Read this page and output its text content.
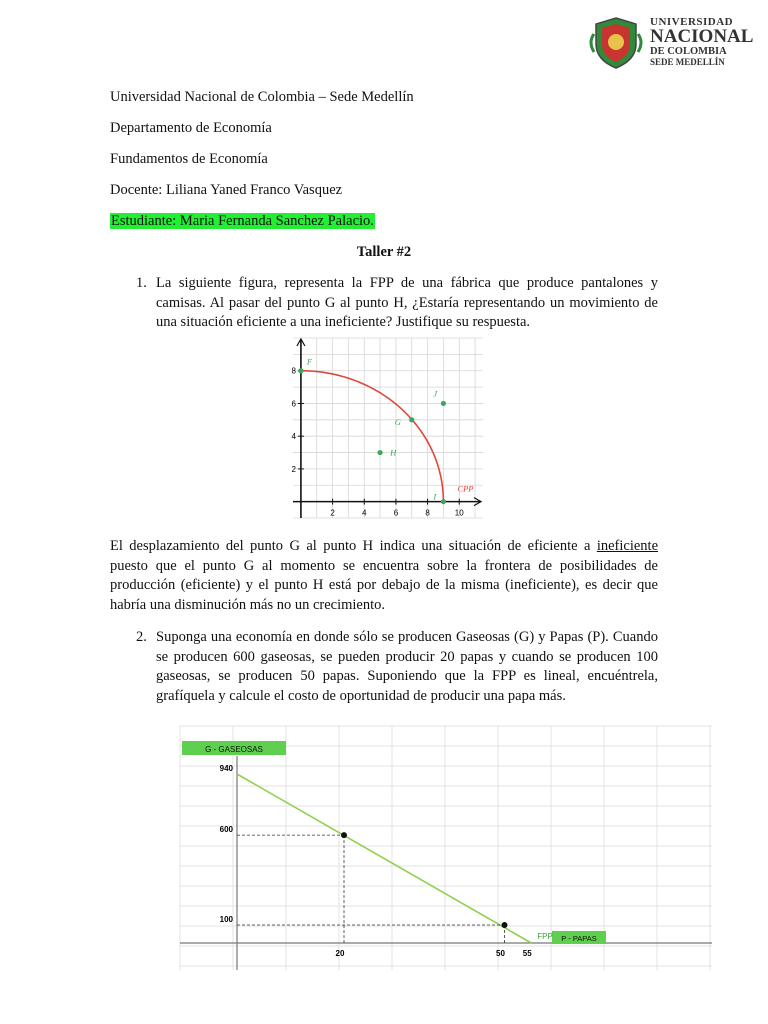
UNIVERSIDAD
NACIONAL
DE COLOMBIA
SEDE MEDELLÍN
Universidad Nacional de Colombia – Sede Medellín
Departamento de Economía
Fundamentos de Economía
Docente: Liliana Yaned Franco Vasquez
Estudiante: Maria Fernanda Sanchez Palacio.
Taller #2
1. La siguiente figura, representa la FPP de una fábrica que produce pantalones y camisas. Al pasar del punto G al punto H, ¿Estaría representando un movimiento de una situación eficiente a una ineficiente? Justifique su respuesta.
2	4	6	8	10
2
4
6
8
CPP
F
G
H
J
I
El desplazamiento del punto G al punto H indica una situación de eficiente a ineficiente puesto que el punto G al momento se encuentra sobre la frontera de posibilidades de producción (eficiente) y el punto H está por debajo de la misma (ineficiente), es decir que habría una disminución más no un crecimiento.
2. Suponga una economía en donde sólo se producen Gaseosas (G) y Papas (P). Cuando se producen 600 gaseosas, se pueden producir 20 papas y cuando se producen 100 gaseosas, se producen 50 papas. Suponiendo que la FPP es lineal, encuéntrela, grafíquela y calcule el costo de oportunidad de producir una papa más.
G - GASEOSAS
P - PAPAS
FPP
940
600
100
20	50 55
